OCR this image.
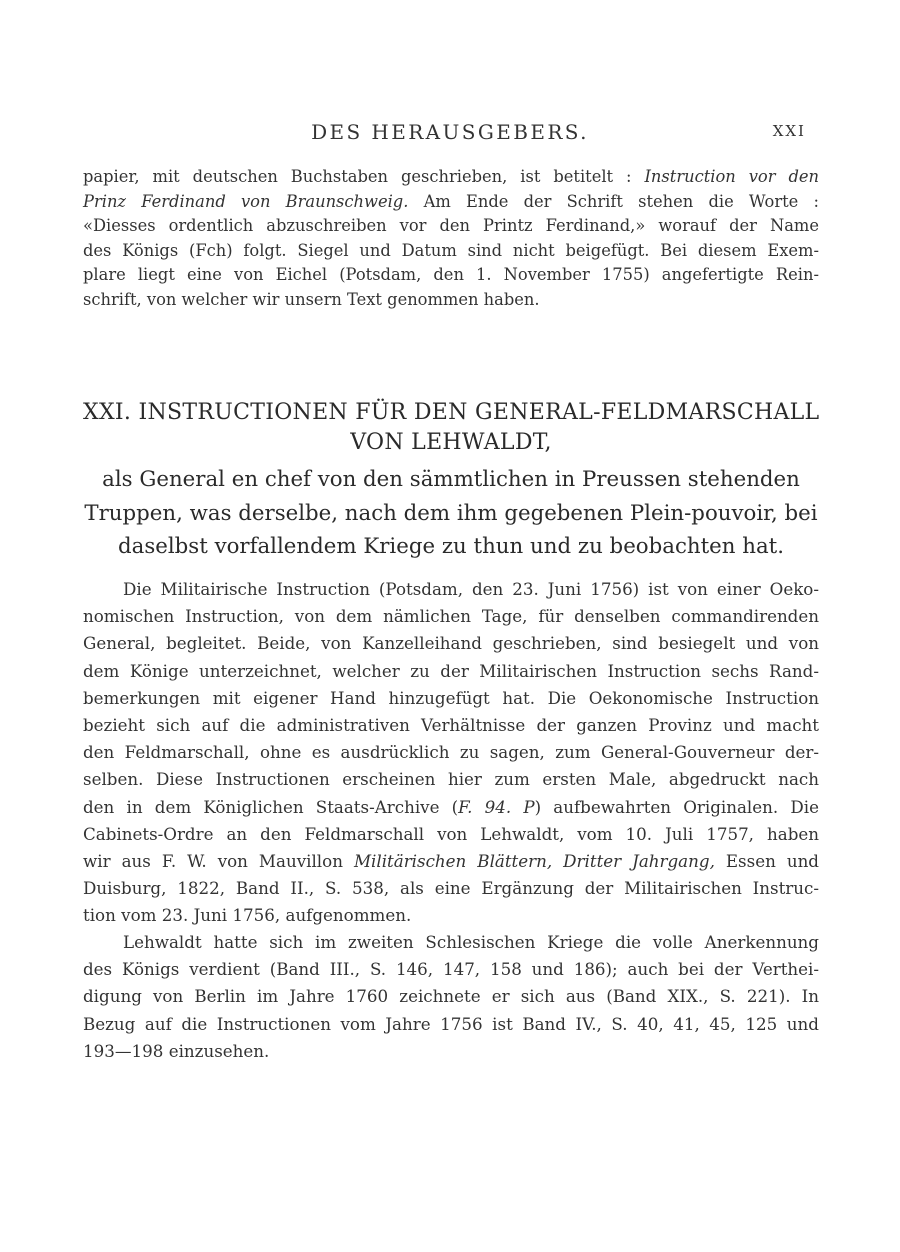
DES HERAUSGEBERS.	XXI

papier, mit deutschen Buchstaben geschrieben, ist betitelt : Instruction vor den
Prinz Ferdinand von Braunschweig. Am Ende der Schrift stehen die Worte :
«Diesses ordentlich abzuschreiben vor den Printz Ferdinand,» worauf der Name
des Königs (Fch) folgt. Siegel und Datum sind nicht beigefügt. Bei diesem Exem-
plare liegt eine von Eichel (Potsdam, den 1. November 1755) angefertigte Rein-
schrift, von welcher wir unsern Text genommen haben.

XXI. INSTRUCTIONEN FÜR DEN GENERAL-FELDMARSCHALL
VON LEHWALDT,
als General en chef von den sämmtlichen in Preussen stehenden
Truppen, was derselbe, nach dem ihm gegebenen Plein-pouvoir, bei
daselbst vorfallendem Kriege zu thun und zu beobachten hat.

Die Militairische Instruction (Potsdam, den 23. Juni 1756) ist von einer Oeko-
nomischen Instruction, von dem nämlichen Tage, für denselben commandirenden
General, begleitet. Beide, von Kanzelleihand geschrieben, sind besiegelt und von
dem Könige unterzeichnet, welcher zu der Militairischen Instruction sechs Rand-
bemerkungen mit eigener Hand hinzugefügt hat. Die Oekonomische Instruction
bezieht sich auf die administrativen Verhältnisse der ganzen Provinz und macht
den Feldmarschall, ohne es ausdrücklich zu sagen, zum General-Gouverneur der-
selben. Diese Instructionen erscheinen hier zum ersten Male, abgedruckt nach
den in dem Königlichen Staats-Archive (F. 94. P) aufbewahrten Originalen. Die
Cabinets-Ordre an den Feldmarschall von Lehwaldt, vom 10. Juli 1757, haben
wir aus F. W. von Mauvillon Militärischen Blättern, Dritter Jahrgang, Essen und
Duisburg, 1822, Band II., S. 538, als eine Ergänzung der Militairischen Instruc-
tion vom 23. Juni 1756, aufgenommen.

Lehwaldt hatte sich im zweiten Schlesischen Kriege die volle Anerkennung
des Königs verdient (Band III., S. 146, 147, 158 und 186); auch bei der Verthei-
digung von Berlin im Jahre 1760 zeichnete er sich aus (Band XIX., S. 221). In
Bezug auf die Instructionen vom Jahre 1756 ist Band IV., S. 40, 41, 45, 125 und
193—198 einzusehen.
